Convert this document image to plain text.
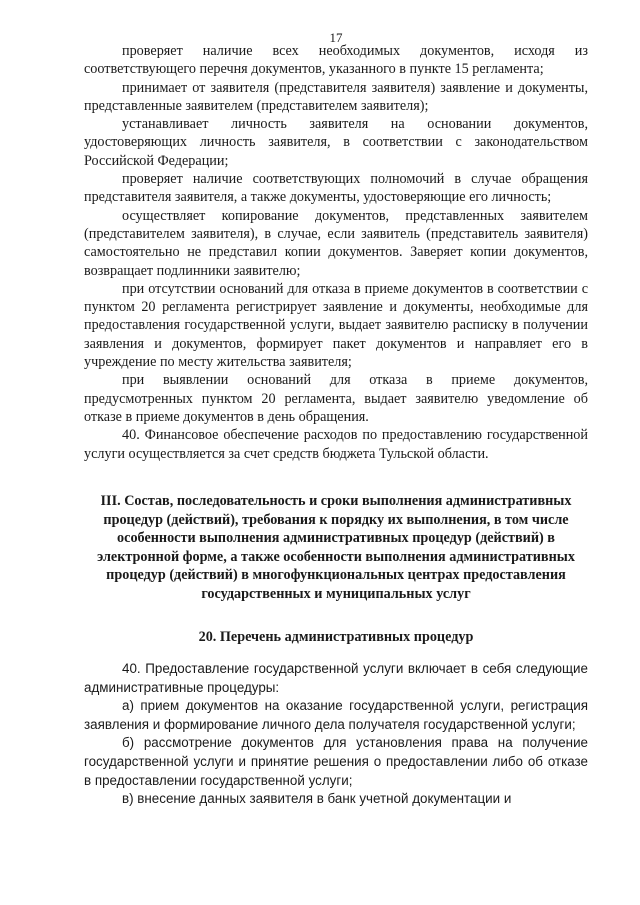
17

проверяет наличие всех необходимых документов, исходя из соответствующего перечня документов, указанного в пункте 15 регламента;

принимает от заявителя (представителя заявителя) заявление и документы, представленные заявителем (представителем заявителя);

устанавливает личность заявителя на основании документов, удостоверяющих личность заявителя, в соответствии с законодательством Российской Федерации;

проверяет наличие соответствующих полномочий в случае обращения представителя заявителя, а также документы, удостоверяющие его личность;

осуществляет копирование документов, представленных заявителем (представителем заявителя), в случае, если заявитель (представитель заявителя) самостоятельно не представил копии документов. Заверяет копии документов, возвращает подлинники заявителю;

при отсутствии оснований для отказа в приеме документов в соответствии с пунктом 20 регламента регистрирует заявление и документы, необходимые для предоставления государственной услуги, выдает заявителю расписку в получении заявления и документов, формирует пакет документов и направляет его в учреждение по месту жительства заявителя;

при выявлении оснований для отказа в приеме документов, предусмотренных пунктом 20 регламента, выдает заявителю уведомление об отказе в приеме документов в день обращения.

40. Финансовое обеспечение расходов по предоставлению государственной услуги осуществляется за счет средств бюджета Тульской области.

III. Состав, последовательность и сроки выполнения административных процедур (действий), требования к порядку их выполнения, в том числе особенности выполнения административных процедур (действий) в электронной форме, а также особенности выполнения административных процедур (действий) в многофункциональных центрах предоставления государственных и муниципальных услуг
20. Перечень административных процедур

40. Предоставление государственной услуги включает в себя следующие административные процедуры:

а) прием документов на оказание государственной услуги, регистрация заявления и формирование личного дела получателя государственной услуги;

б) рассмотрение документов для установления права на получение государственной услуги и принятие решения о предоставлении либо об отказе в предоставлении государственной услуги;

в) внесение данных заявителя в банк учетной документации и
